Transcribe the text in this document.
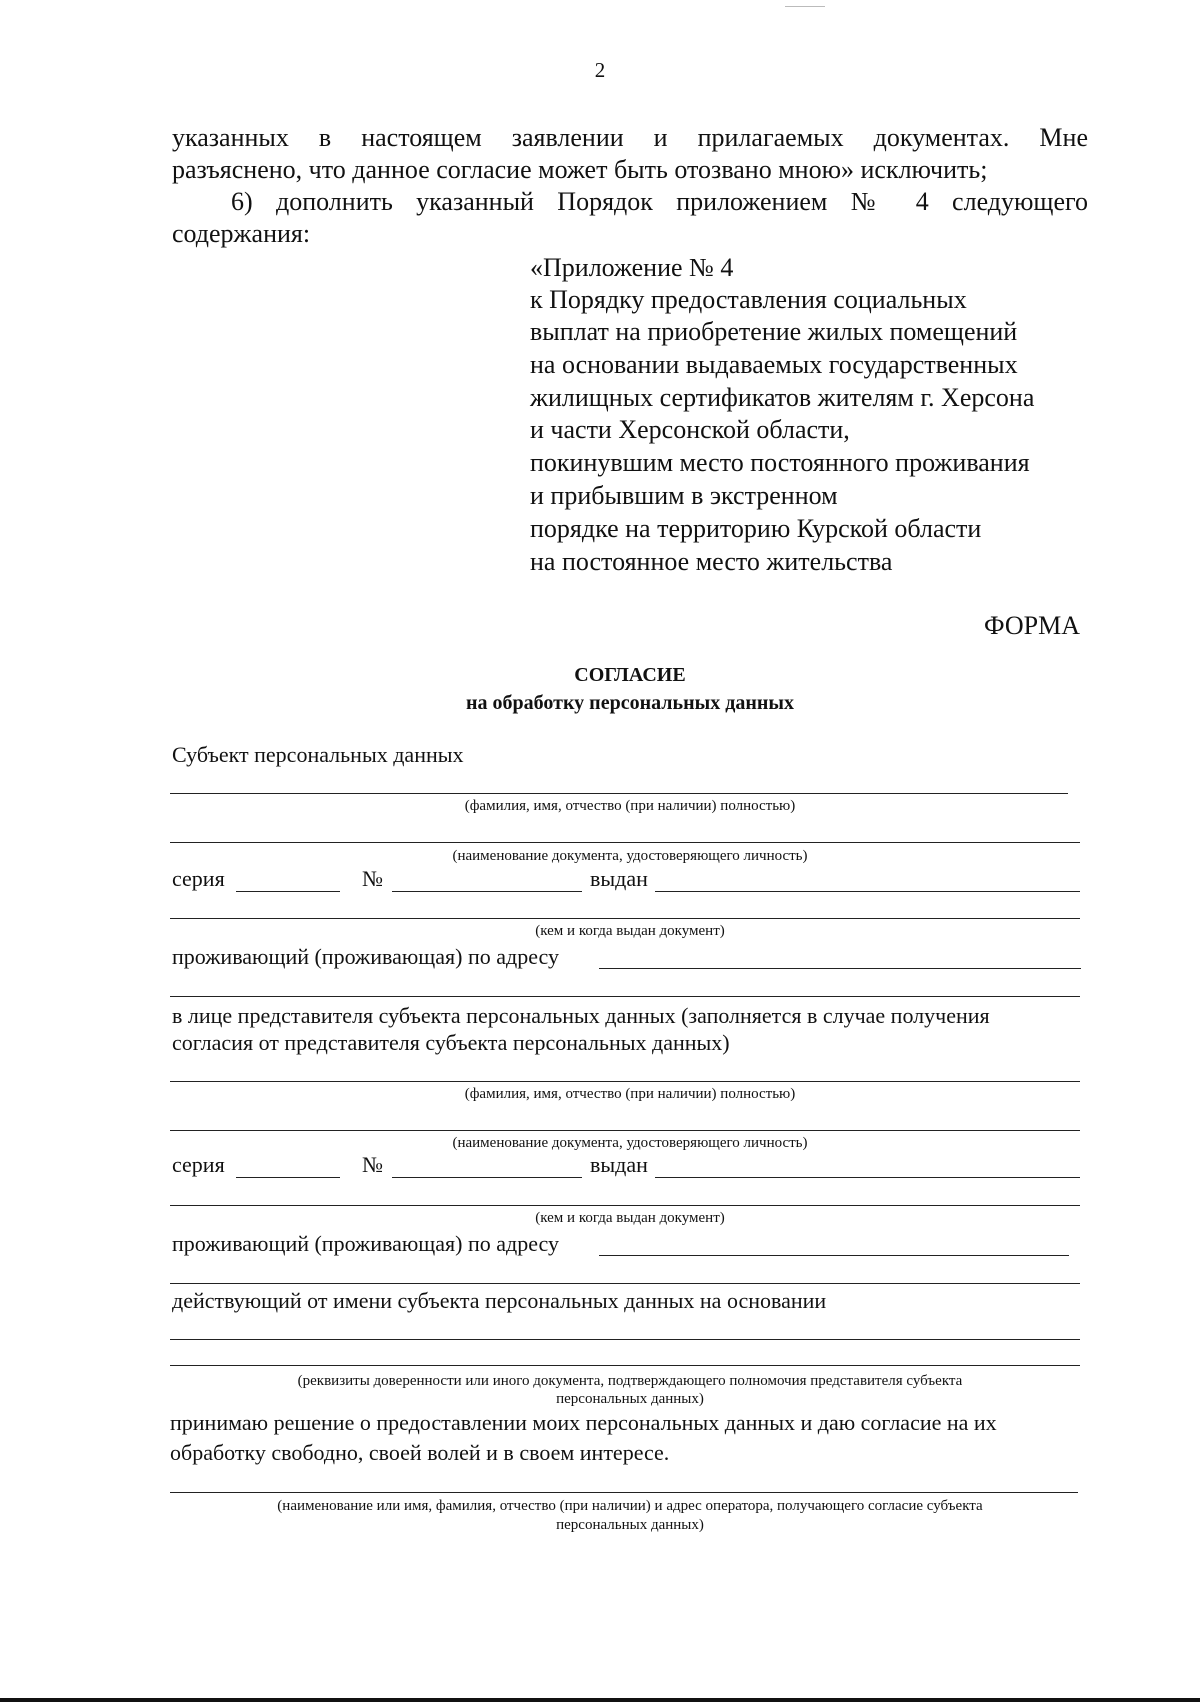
2
указанных в настоящем заявлении и прилагаемых документах. Мне
разъяснено, что данное согласие может быть отозвано мною» исключить;
6) дополнить указанный Порядок приложением № 4 следующего
содержания:
«Приложение № 4
к Порядку предоставления социальных
выплат на приобретение жилых помещений
на основании выдаваемых государственных
жилищных сертификатов жителям г. Херсона
и части Херсонской области,
покинувшим место постоянного проживания
и прибывшим в экстренном
порядке на территорию Курской области
на постоянное место жительства
ФОРМА
СОГЛАСИЕ
на обработку персональных данных
Субъект персональных данных
(фамилия, имя, отчество (при наличии) полностью)
(наименование документа, удостоверяющего личность)
серия	№	выдан
(кем и когда выдан документ)
проживающий (проживающая) по адресу
в лице представителя субъекта персональных данных (заполняется в случае получения
согласия от представителя субъекта персональных данных)
(фамилия, имя, отчество (при наличии) полностью)
(наименование документа, удостоверяющего личность)
серия	№	выдан
(кем и когда выдан документ)
проживающий (проживающая) по адресу
действующий от имени субъекта персональных данных на основании
(реквизиты доверенности или иного документа, подтверждающего полномочия представителя субъекта
персональных данных)
принимаю решение о предоставлении моих персональных данных и даю согласие на их
обработку свободно, своей волей и в своем интересе.
(наименование или имя, фамилия, отчество (при наличии) и адрес оператора, получающего согласие субъекта
персональных данных)
